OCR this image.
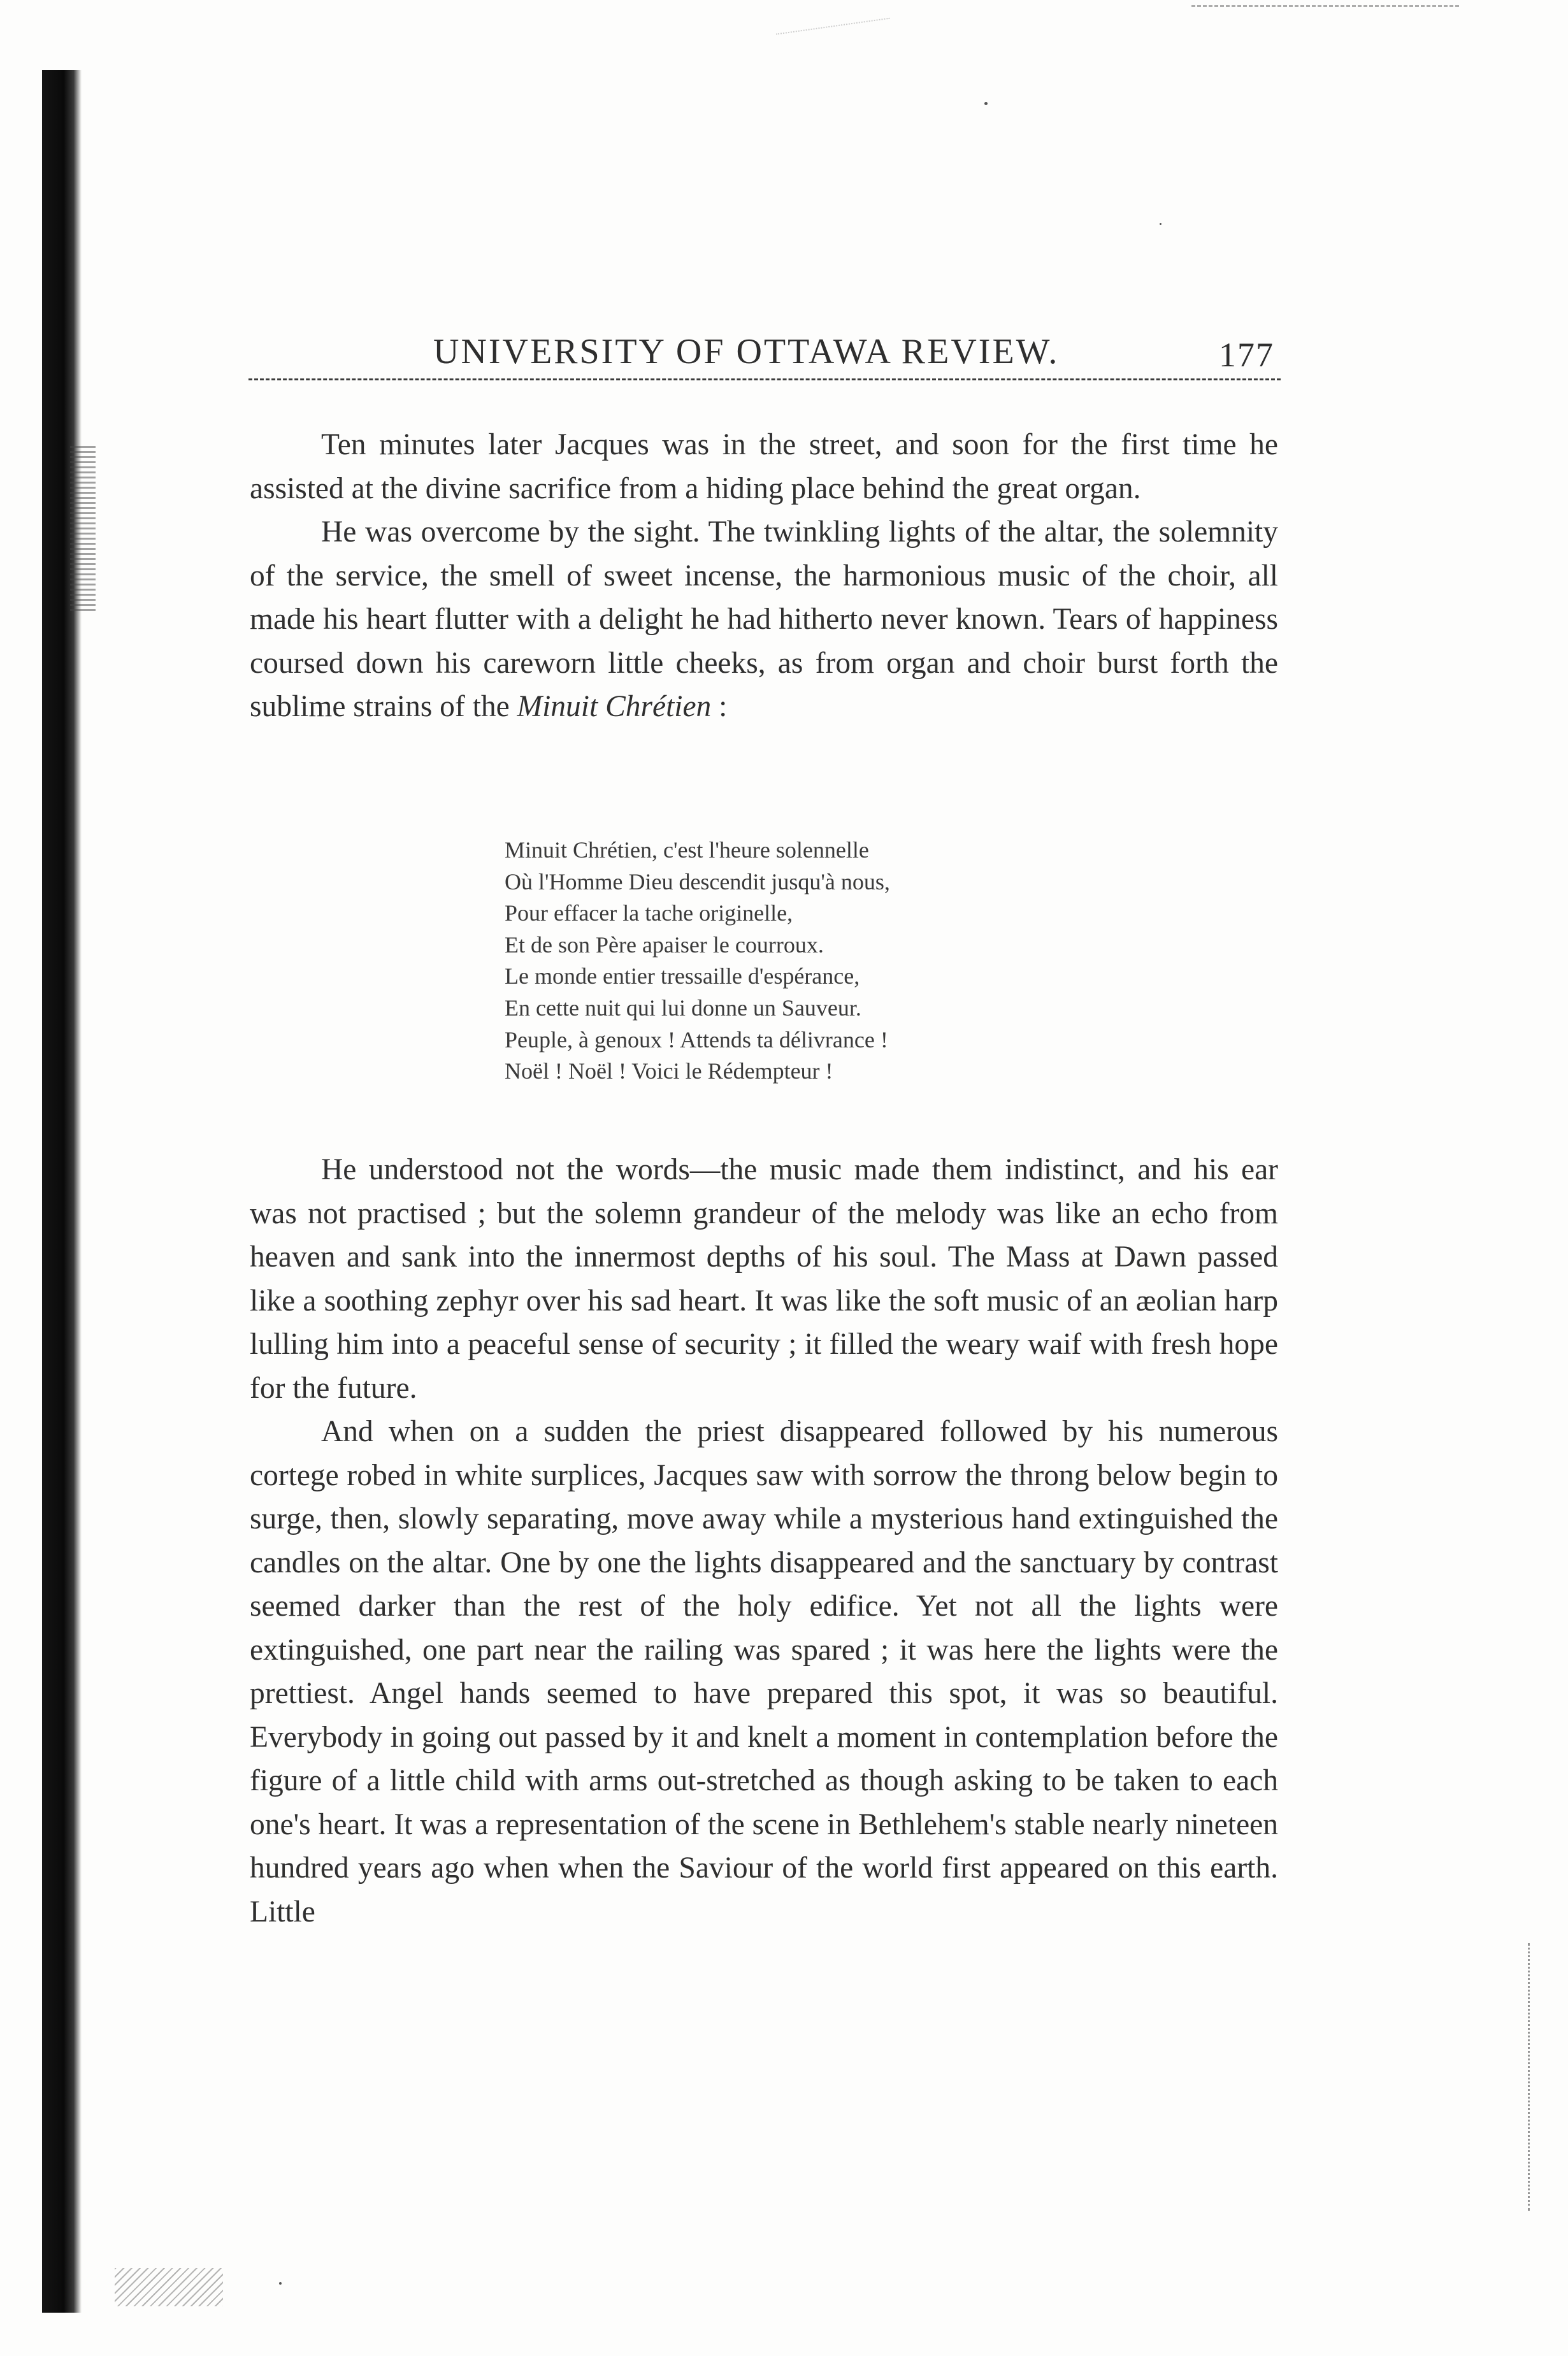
UNIVERSITY OF OTTAWA REVIEW.	177

Ten minutes later Jacques was in the street, and soon for the first time he assisted at the divine sacrifice from a hiding place behind the great organ.

He was overcome by the sight. The twinkling lights of the altar, the solemnity of the service, the smell of sweet incense, the harmonious music of the choir, all made his heart flutter with a delight he had hitherto never known. Tears of happiness coursed down his careworn little cheeks, as from organ and choir burst forth the sublime strains of the Minuit Chrétien :

Minuit Chrétien, c'est l'heure solennelle
Où l'Homme Dieu descendit jusqu'à nous,
Pour effacer la tache originelle,
Et de son Père apaiser le courroux.
Le monde entier tressaille d'espérance,
En cette nuit qui lui donne un Sauveur.
Peuple, à genoux ! Attends ta délivrance !
Noël ! Noël ! Voici le Rédempteur !

He understood not the words—the music made them indistinct, and his ear was not practised ; but the solemn grandeur of the melody was like an echo from heaven and sank into the innermost depths of his soul. The Mass at Dawn passed like a soothing zephyr over his sad heart. It was like the soft music of an æolian harp lulling him into a peaceful sense of security ; it filled the weary waif with fresh hope for the future.

And when on a sudden the priest disappeared followed by his numerous cortege robed in white surplices, Jacques saw with sorrow the throng below begin to surge, then, slowly separating, move away while a mysterious hand extinguished the candles on the altar. One by one the lights disappeared and the sanctuary by contrast seemed darker than the rest of the holy edifice. Yet not all the lights were extinguished, one part near the railing was spared ; it was here the lights were the prettiest. Angel hands seemed to have prepared this spot, it was so beautiful. Everybody in going out passed by it and knelt a moment in contemplation before the figure of a little child with arms out-stretched as though asking to be taken to each one's heart. It was a representation of the scene in Bethlehem's stable nearly nineteen hundred years ago when when the Saviour of the world first appeared on this earth. Little
